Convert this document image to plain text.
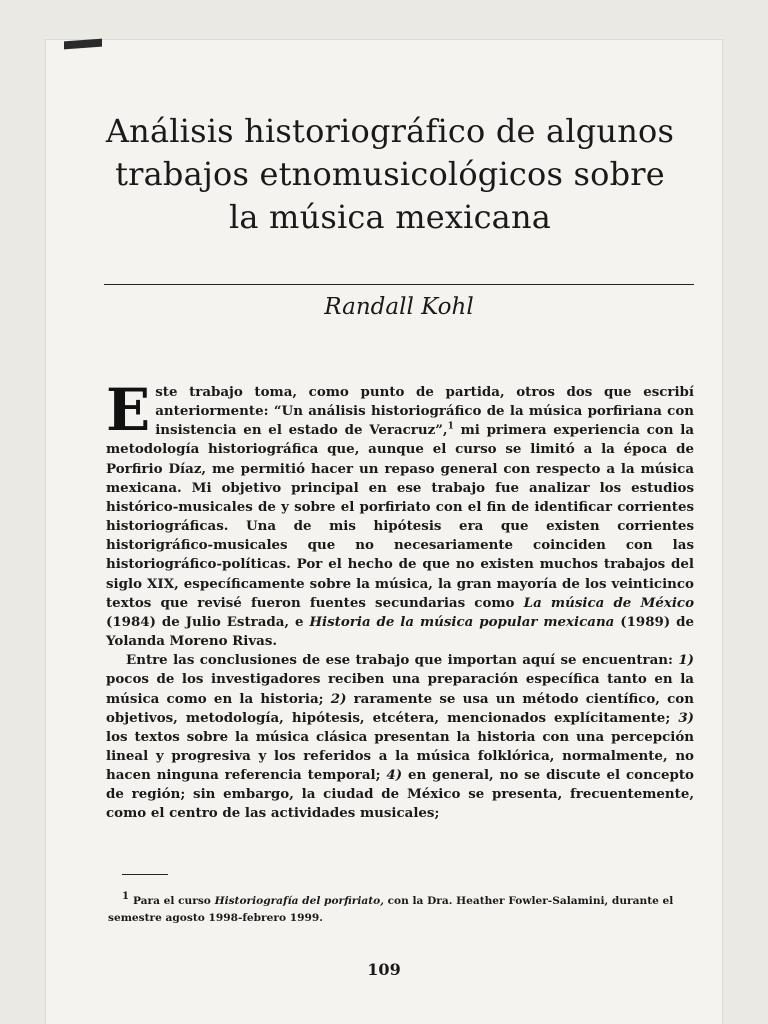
Análisis historiográfico de algunos trabajos etnomusicológicos sobre la música mexicana
Randall Kohl

Este trabajo toma, como punto de partida, otros dos que escribí anteriormente: “Un análisis historiográfico de la música porfiriana con insistencia en el estado de Veracruz”,$^1$ mi primera experiencia con la metodología historiográfica que, aunque el curso se limitó a la época de Porfirio Díaz, me permitió hacer un repaso general con respecto a la música mexicana. Mi objetivo principal en ese trabajo fue analizar los estudios histórico-musicales de y sobre el porfiriato con el fin de identificar corrientes historiográficas. Una de mis hipótesis era que existen corrientes historigráfico-musicales que no necesariamente coinciden con las historiográfico-políticas. Por el hecho de que no existen muchos trabajos del siglo XIX, específicamente sobre la música, la gran mayoría de los veinticinco textos que revisé fueron fuentes secundarias como La música de México (1984) de Julio Estrada, e Historia de la música popular mexicana (1989) de Yolanda Moreno Rivas.

Entre las conclusiones de ese trabajo que importan aquí se encuentran: 1) pocos de los investigadores reciben una preparación específica tanto en la música como en la historia; 2) raramente se usa un método científico, con objetivos, metodología, hipótesis, etcétera, mencionados explícitamente; 3) los textos sobre la música clásica presentan la historia con una percepción lineal y progresiva y los referidos a la música folklórica, normalmente, no hacen ninguna referencia temporal; 4) en general, no se discute el concepto de región; sin embargo, la ciudad de México se presenta, frecuentemente, como el centro de las actividades musicales;

1 Para el curso Historiografía del porfiriato, con la Dra. Heather Fowler-Salamini, durante el semestre agosto 1998-febrero 1999.

109
